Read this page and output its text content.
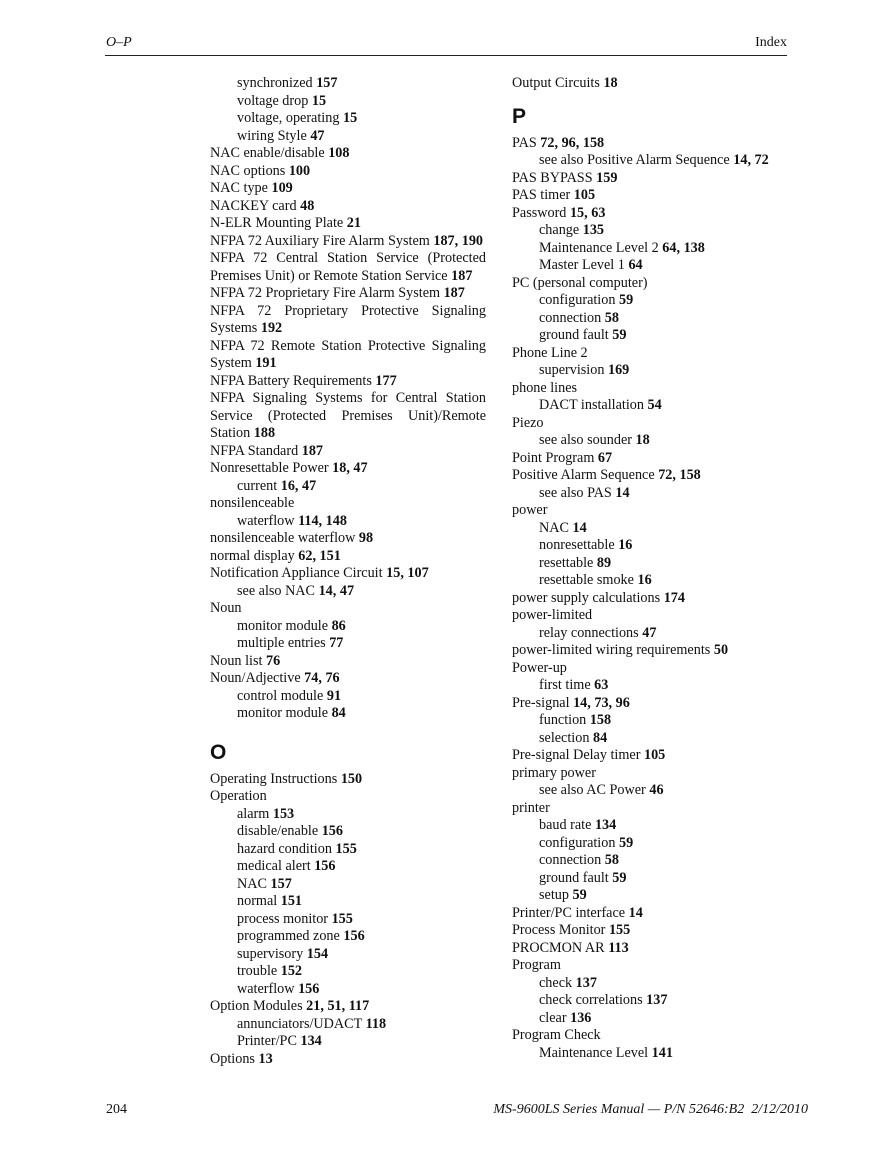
O–P	Index
synchronized 157
voltage drop 15
voltage, operating 15
wiring Style 47
NAC enable/disable 108
NAC options 100
NAC type 109
NACKEY card 48
N-ELR Mounting Plate 21
NFPA 72 Auxiliary Fire Alarm System 187, 190
NFPA 72 Central Station Service (Protected Premises Unit) or Remote Station Service 187
NFPA 72 Proprietary Fire Alarm System 187
NFPA 72 Proprietary Protective Signaling Systems 192
NFPA 72 Remote Station Protective Signaling System 191
NFPA Battery Requirements 177
NFPA Signaling Systems for Central Station Service (Protected Premises Unit)/Remote Station 188
NFPA Standard 187
Nonresettable Power 18, 47
current 16, 47
nonsilenceable
waterflow 114, 148
nonsilenceable waterflow 98
normal display 62, 151
Notification Appliance Circuit 15, 107
see also NAC 14, 47
Noun
monitor module 86
multiple entries 77
Noun list 76
Noun/Adjective 74, 76
control module 91
monitor module 84
O
Operating Instructions 150
Operation
alarm 153
disable/enable 156
hazard condition 155
medical alert 156
NAC 157
normal 151
process monitor 155
programmed zone 156
supervisory 154
trouble 152
waterflow 156
Option Modules 21, 51, 117
annunciators/UDACT 118
Printer/PC 134
Options 13
Output Circuits 18
P
PAS 72, 96, 158
see also Positive Alarm Sequence 14, 72
PAS BYPASS 159
PAS timer 105
Password 15, 63
change 135
Maintenance Level 2 64, 138
Master Level 1 64
PC (personal computer)
configuration 59
connection 58
ground fault 59
Phone Line 2
supervision 169
phone lines
DACT installation 54
Piezo
see also sounder 18
Point Program 67
Positive Alarm Sequence 72, 158
see also PAS 14
power
NAC 14
nonresettable 16
resettable 89
resettable smoke 16
power supply calculations 174
power-limited
relay connections 47
power-limited wiring requirements 50
Power-up
first time 63
Pre-signal 14, 73, 96
function 158
selection 84
Pre-signal Delay timer 105
primary power
see also AC Power 46
printer
baud rate 134
configuration 59
connection 58
ground fault 59
setup 59
Printer/PC interface 14
Process Monitor 155
PROCMON AR 113
Program
check 137
check correlations 137
clear 136
Program Check
Maintenance Level 141
204	MS-9600LS Series Manual — P/N 52646:B2  2/12/2010
